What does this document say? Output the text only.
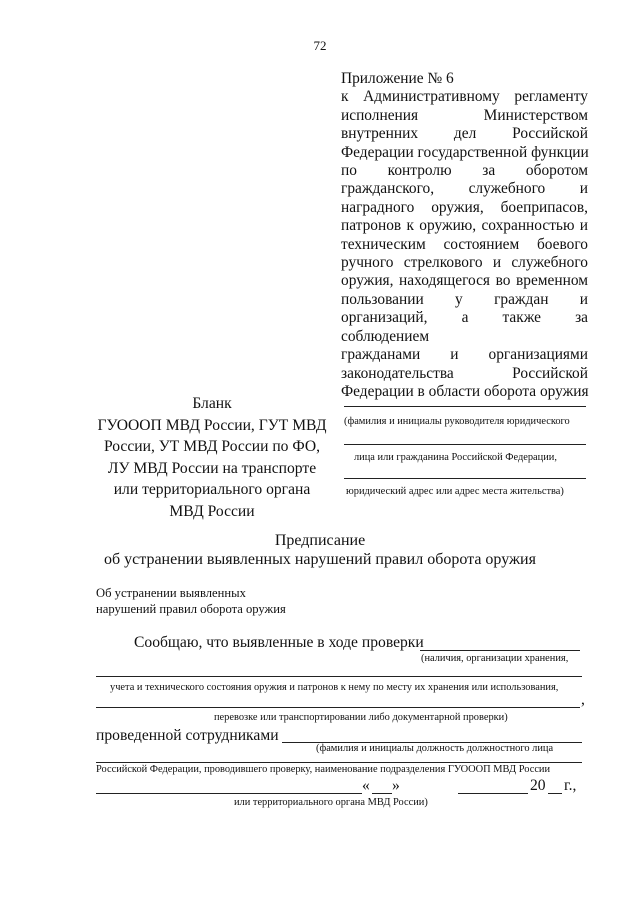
72
Приложение № 6
к Административному регламенту
исполнения Министерством
внутренних дел Российской
Федерации государственной функции
по контролю за оборотом
гражданского, служебного и
наградного оружия, боеприпасов,
патронов к оружию, сохранностью и
техническим состоянием боевого
ручного стрелкового и служебного
оружия, находящегося во временном
пользовании у граждан и
организаций, а также за соблюдением
гражданами и организациями
законодательства Российской
Федерации в области оборота оружия
Бланк
ГУОООП МВД России, ГУТ МВД
России, УТ МВД России по ФО,
ЛУ МВД России на транспорте
или территориального органа
МВД России
(фамилия и инициалы руководителя юридического
лица или гражданина Российской Федерации,
юридический адрес или адрес места жительства)
Предписание
об устранении выявленных нарушений правил оборота оружия
Об устранении выявленных
нарушений правил оборота оружия
Сообщаю, что выявленные в ходе проверки
(наличия, организации хранения,
учета и технического состояния оружия и патронов к нему по месту их хранения или использования,
,
перевозке или транспортировании либо документарной проверки)
проведенной сотрудниками
(фамилия и инициалы должность должностного лица
Российской Федерации, проводившего проверку, наименование подразделения ГУОООП МВД России
« »	20 г.,
или территориального органа МВД России)
